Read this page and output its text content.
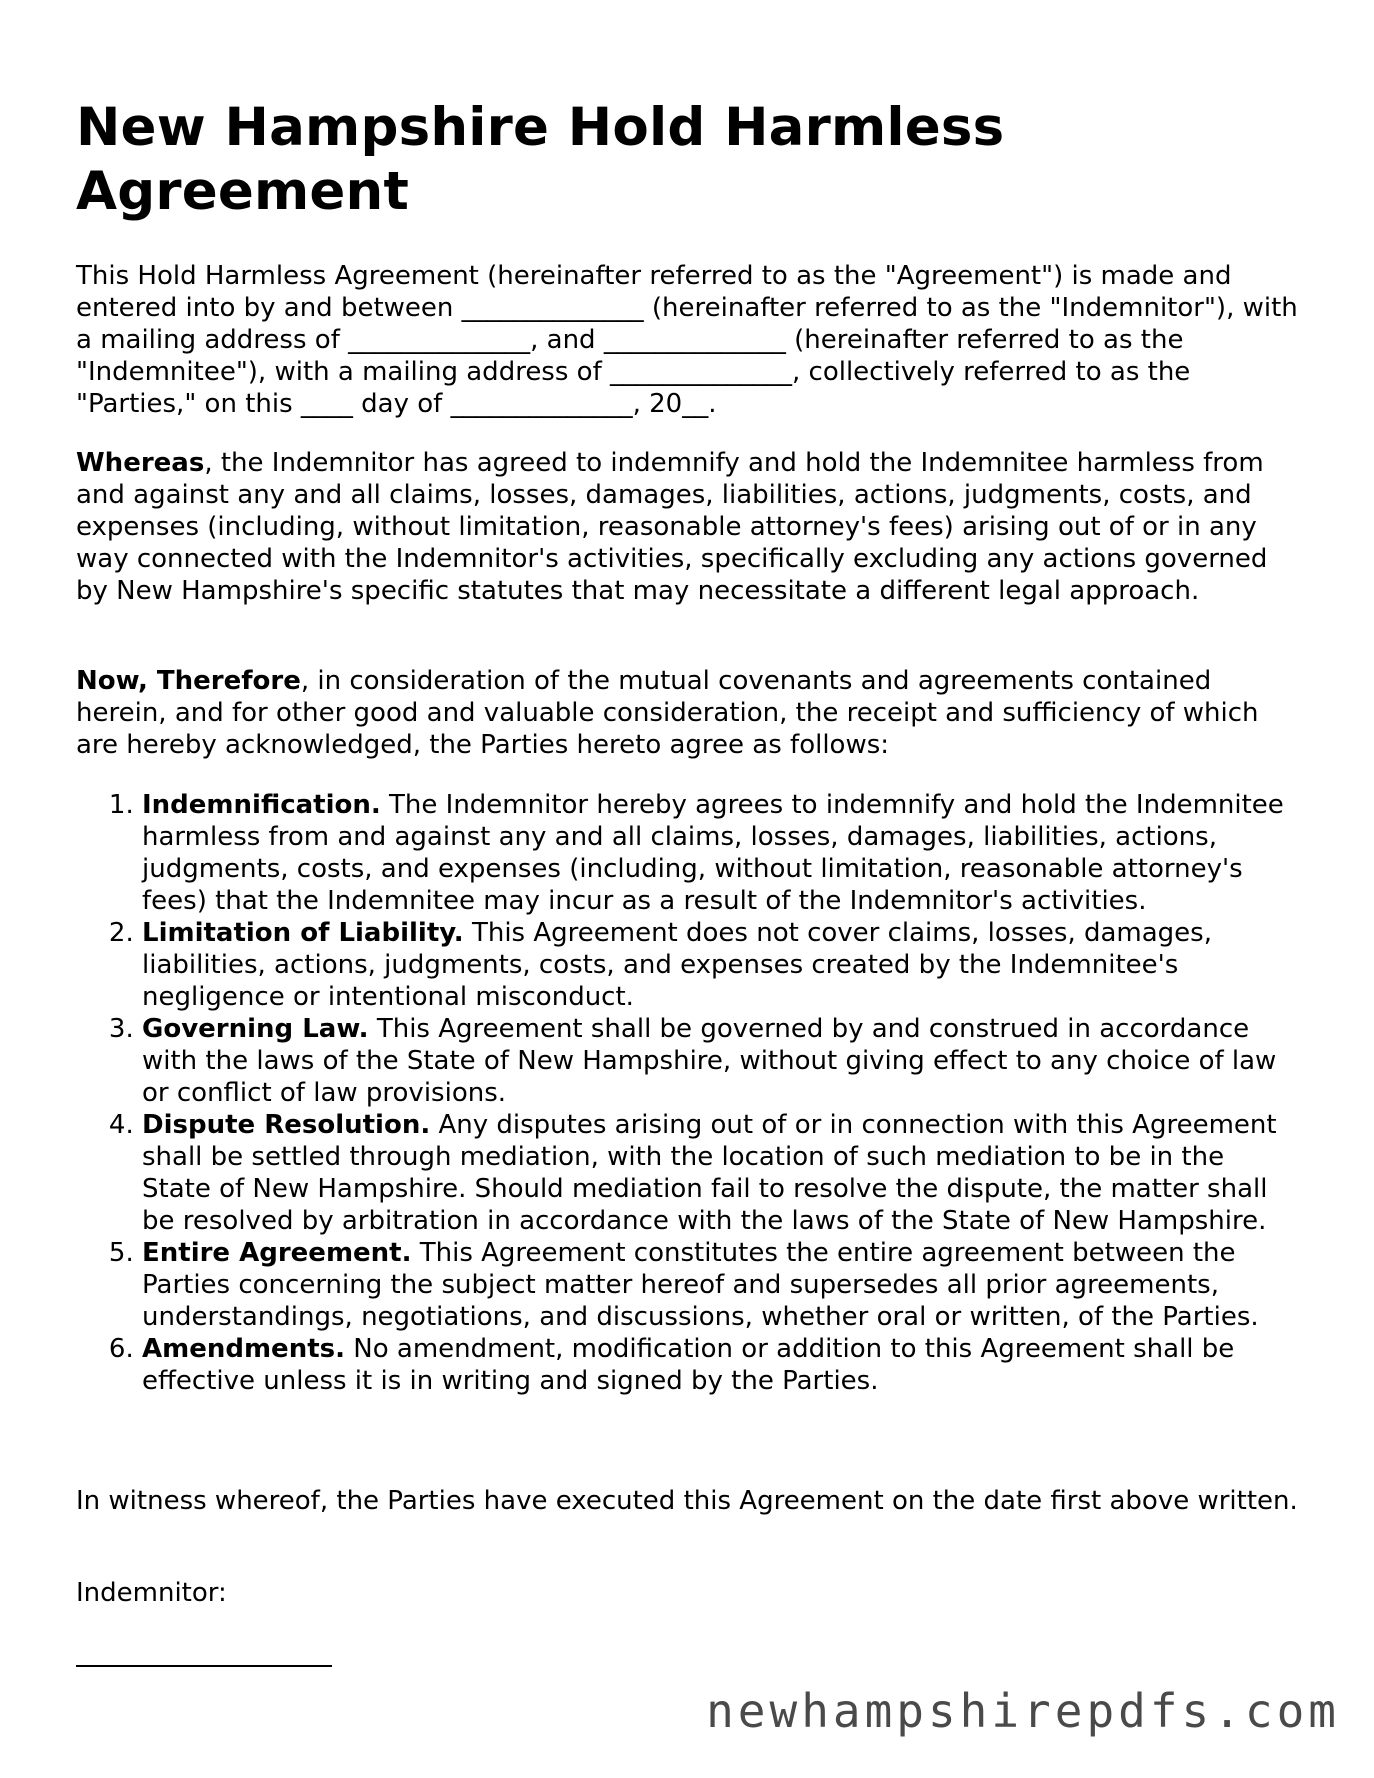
New Hampshire Hold Harmless Agreement

This Hold Harmless Agreement (hereinafter referred to as the "Agreement") is made and entered into by and between ______________ (hereinafter referred to as the "Indemnitor"), with a mailing address of ______________, and ______________ (hereinafter referred to as the "Indemnitee"), with a mailing address of ______________, collectively referred to as the "Parties," on this ____ day of ______________, 20__.

Whereas, the Indemnitor has agreed to indemnify and hold the Indemnitee harmless from and against any and all claims, losses, damages, liabilities, actions, judgments, costs, and expenses (including, without limitation, reasonable attorney's fees) arising out of or in any way connected with the Indemnitor's activities, specifically excluding any actions governed by New Hampshire's specific statutes that may necessitate a different legal approach.

Now, Therefore, in consideration of the mutual covenants and agreements contained herein, and for other good and valuable consideration, the receipt and sufficiency of which are hereby acknowledged, the Parties hereto agree as follows:

1. Indemnification. The Indemnitor hereby agrees to indemnify and hold the Indemnitee harmless from and against any and all claims, losses, damages, liabilities, actions, judgments, costs, and expenses (including, without limitation, reasonable attorney's fees) that the Indemnitee may incur as a result of the Indemnitor's activities.
2. Limitation of Liability. This Agreement does not cover claims, losses, damages, liabilities, actions, judgments, costs, and expenses created by the Indemnitee's negligence or intentional misconduct.
3. Governing Law. This Agreement shall be governed by and construed in accordance with the laws of the State of New Hampshire, without giving effect to any choice of law or conflict of law provisions.
4. Dispute Resolution. Any disputes arising out of or in connection with this Agreement shall be settled through mediation, with the location of such mediation to be in the State of New Hampshire. Should mediation fail to resolve the dispute, the matter shall be resolved by arbitration in accordance with the laws of the State of New Hampshire.
5. Entire Agreement. This Agreement constitutes the entire agreement between the Parties concerning the subject matter hereof and supersedes all prior agreements, understandings, negotiations, and discussions, whether oral or written, of the Parties.
6. Amendments. No amendment, modification or addition to this Agreement shall be effective unless it is in writing and signed by the Parties.

In witness whereof, the Parties have executed this Agreement on the date first above written.

Indemnitor:

newhampshirepdfs.com
